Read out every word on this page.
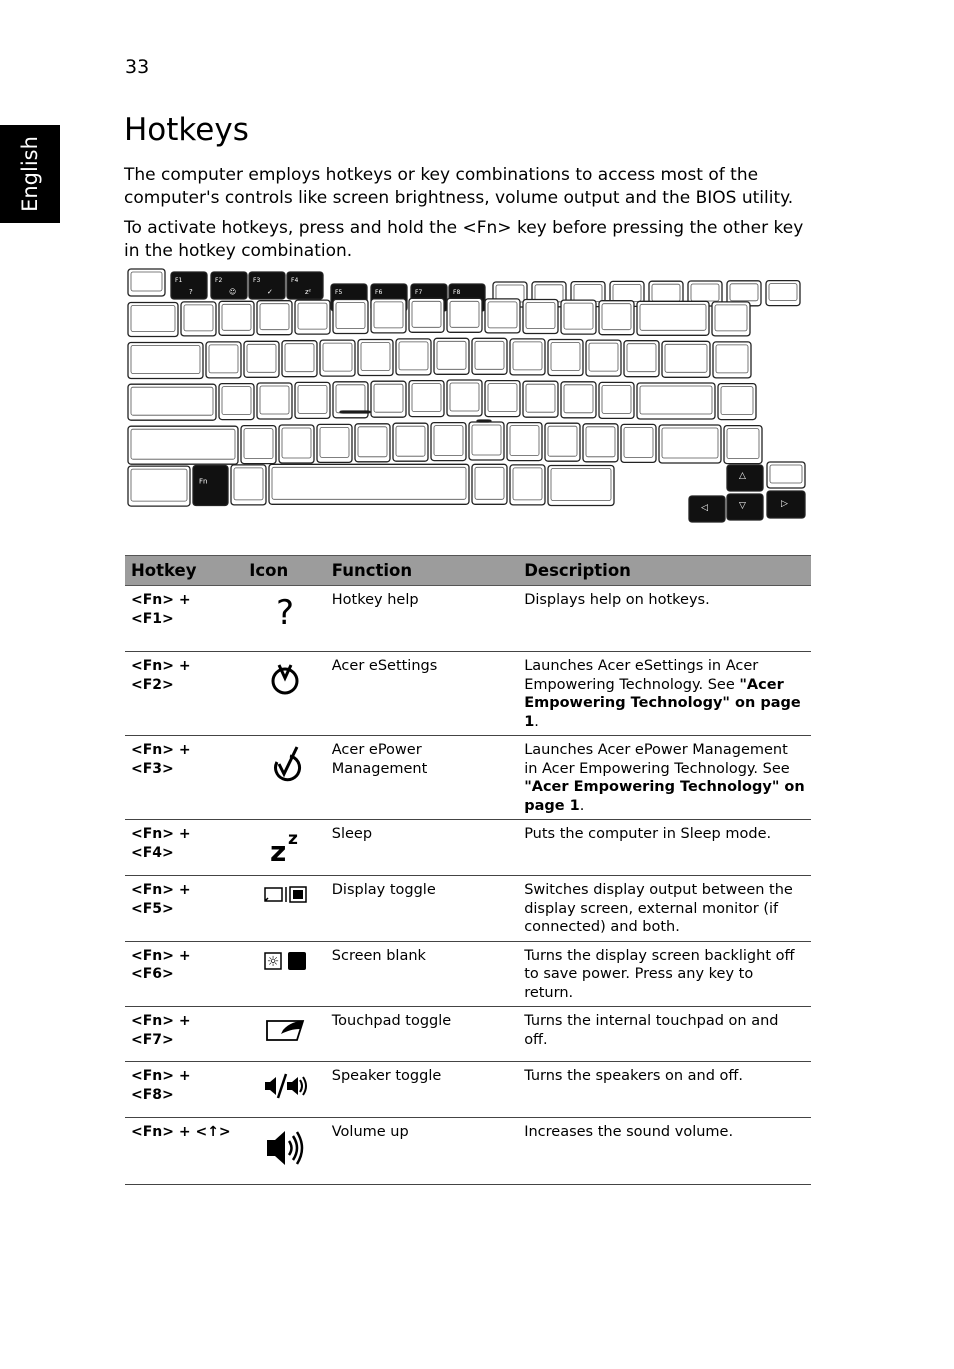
33
English
Hotkeys

The computer employs hotkeys or key combinations to access most of the computer's controls like screen brightness, volume output and the BIOS utility.

To activate hotkeys, press and hold the <Fn> key before pressing the other key in the hotkey combination.

F1
?
F2
☺
F3
✓
F4
zᶻ	F5	F6	F7	F8
Fn
△
◁	▽	▷
Hotkey	Icon	Function	Description
<Fn> + <F1>	?	Hotkey help	Displays help on hotkeys.
<Fn> + <F2>		Acer eSettings	Launches Acer eSettings in Acer Empowering Technology. See "Acer Empowering Technology" on page 1.
<Fn> + <F3>		Acer ePower Management	Launches Acer ePower Management in Acer Empowering Technology. See "Acer Empowering Technology" on page 1.
<Fn> + <F4>	z z	Sleep	Puts the computer in Sleep mode.
<Fn> + <F5>		Display toggle	Switches display output between the display screen, external monitor (if connected) and both.
<Fn> + <F6>	☼	Screen blank	Turns the display screen backlight off to save power. Press any key to return.
<Fn> + <F7>		Touchpad toggle	Turns the internal touchpad on and off.
<Fn> + <F8>		Speaker toggle	Turns the speakers on and off.
<Fn> + <↑>		Volume up	Increases the sound volume.
